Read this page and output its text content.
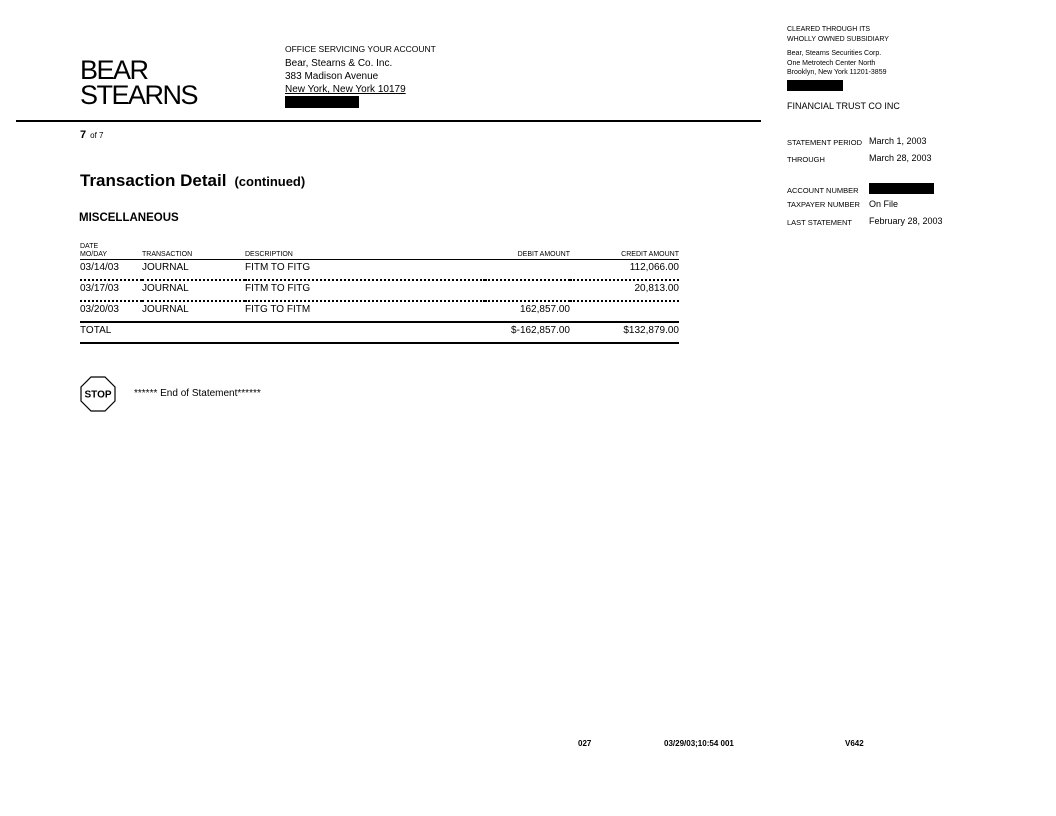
BEAR
STEARNS
OFFICE SERVICING YOUR ACCOUNT
Bear, Stearns & Co. Inc.
383 Madison Avenue
New York, New York 10179
CLEARED THROUGH ITS
WHOLLY OWNED SUBSIDIARY
Bear, Stearns Securities Corp.
One Metrotech Center North
Brooklyn, New York 11201-3859
FINANCIAL TRUST CO INC
STATEMENT PERIOD March 1, 2003
THROUGH	March 28, 2003
ACCOUNT NUMBER
TAXPAYER NUMBER On File
LAST STATEMENT February 28, 2003
7 of 7
Transaction Detail (continued)
MISCELLANEOUS
DATE
MO/DAY	TRANSACTION	DESCRIPTION	DEBIT AMOUNT	CREDIT AMOUNT
03/14/03	JOURNAL	FITM TO FITG		112,066.00
03/17/03	JOURNAL	FITM TO FITG		20,813.00
03/20/03	JOURNAL	FITG TO FITM	162,857.00	
TOTAL			$-162,857.00	$132,879.00
STOP ****** End of Statement******
027	03/29/03;10:54 001	V642
